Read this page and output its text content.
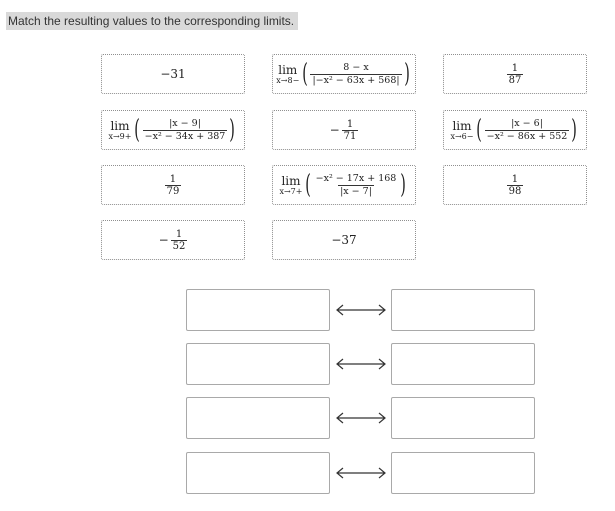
Match the resulting values to the corresponding limits.
−31	lim
x→8− ( $\frac{8 - x}{\text{|−x² − 63x + 568|}}$ )	$\frac{1}{87}$
lim
x→9+ ( $\frac{|x - 9|}{\text{−x² − 34x + 387}}$ )	− $\frac{1}{71}$	lim
x→6− ( $\frac{|x - 6|}{\text{−x² − 86x + 552}}$ )
$\frac{1}{79}$	lim
x→7+ ( $\frac{\text{−x² − 17x + 168}}{|x - 7|}$ )	$\frac{1}{98}$
− $\frac{1}{52}$	−37
